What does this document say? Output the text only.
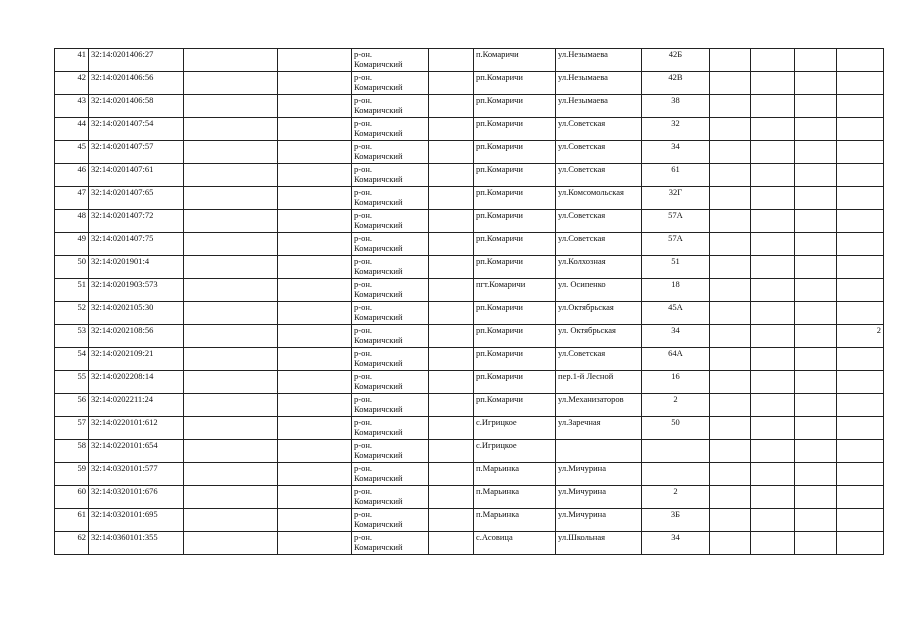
41	32:14:0201406:27			р-он.
Комаричский		п.Комаричи	ул.Незымаева	42Б				
42	32:14:0201406:56			р-он.
Комаричский		рп.Комаричи	ул.Незымаева	42В				
43	32:14:0201406:58			р-он.
Комаричский		рп.Комаричи	ул.Незымаева	38				
44	32:14:0201407:54			р-он.
Комаричский		рп.Комаричи	ул.Советская	32				
45	32:14:0201407:57			р-он.
Комаричский		рп.Комаричи	ул.Советская	34				
46	32:14:0201407:61			р-он.
Комаричский		рп.Комаричи	ул.Советская	61				
47	32:14:0201407:65			р-он.
Комаричский		рп.Комаричи	ул.Комсомольская	32Г				
48	32:14:0201407:72			р-он.
Комаричский		рп.Комаричи	ул.Советская	57А				
49	32:14:0201407:75			р-он.
Комаричский		рп.Комаричи	ул.Советская	57А				
50	32:14:0201901:4			р-он.
Комаричский		рп.Комаричи	ул.Колхозная	51				
51	32:14:0201903:573			р-он.
Комаричский		пгт.Комаричи	ул. Осипенко	18				
52	32:14:0202105:30			р-он.
Комаричский		рп.Комаричи	ул.Октябрьская	45А				
53	32:14:0202108:56			р-он.
Комаричский		рп.Комаричи	ул. Октябрьская	34				2
54	32:14:0202109:21			р-он.
Комаричский		рп.Комаричи	ул.Советская	64А				
55	32:14:0202208:14			р-он.
Комаричский		рп.Комаричи	пер.1-й Лесной	16				
56	32:14:0202211:24			р-он.
Комаричский		рп.Комаричи	ул.Механизаторов	2				
57	32:14:0220101:612			р-он.
Комаричский		с.Игрицкое	ул.Заречная	50				
58	32:14:0220101:654			р-он.
Комаричский		с.Игрицкое						
59	32:14:0320101:577			р-он.
Комаричский		п.Марьинка	ул.Мичурина					
60	32:14:0320101:676			р-он.
Комаричский		п.Марьинка	ул.Мичурина	2				
61	32:14:0320101:695			р-он.
Комаричский		п.Марьинка	ул.Мичурина	3Б				
62	32:14:0360101:355			р-он.
Комаричский		с.Асовица	ул.Школьная	34				
